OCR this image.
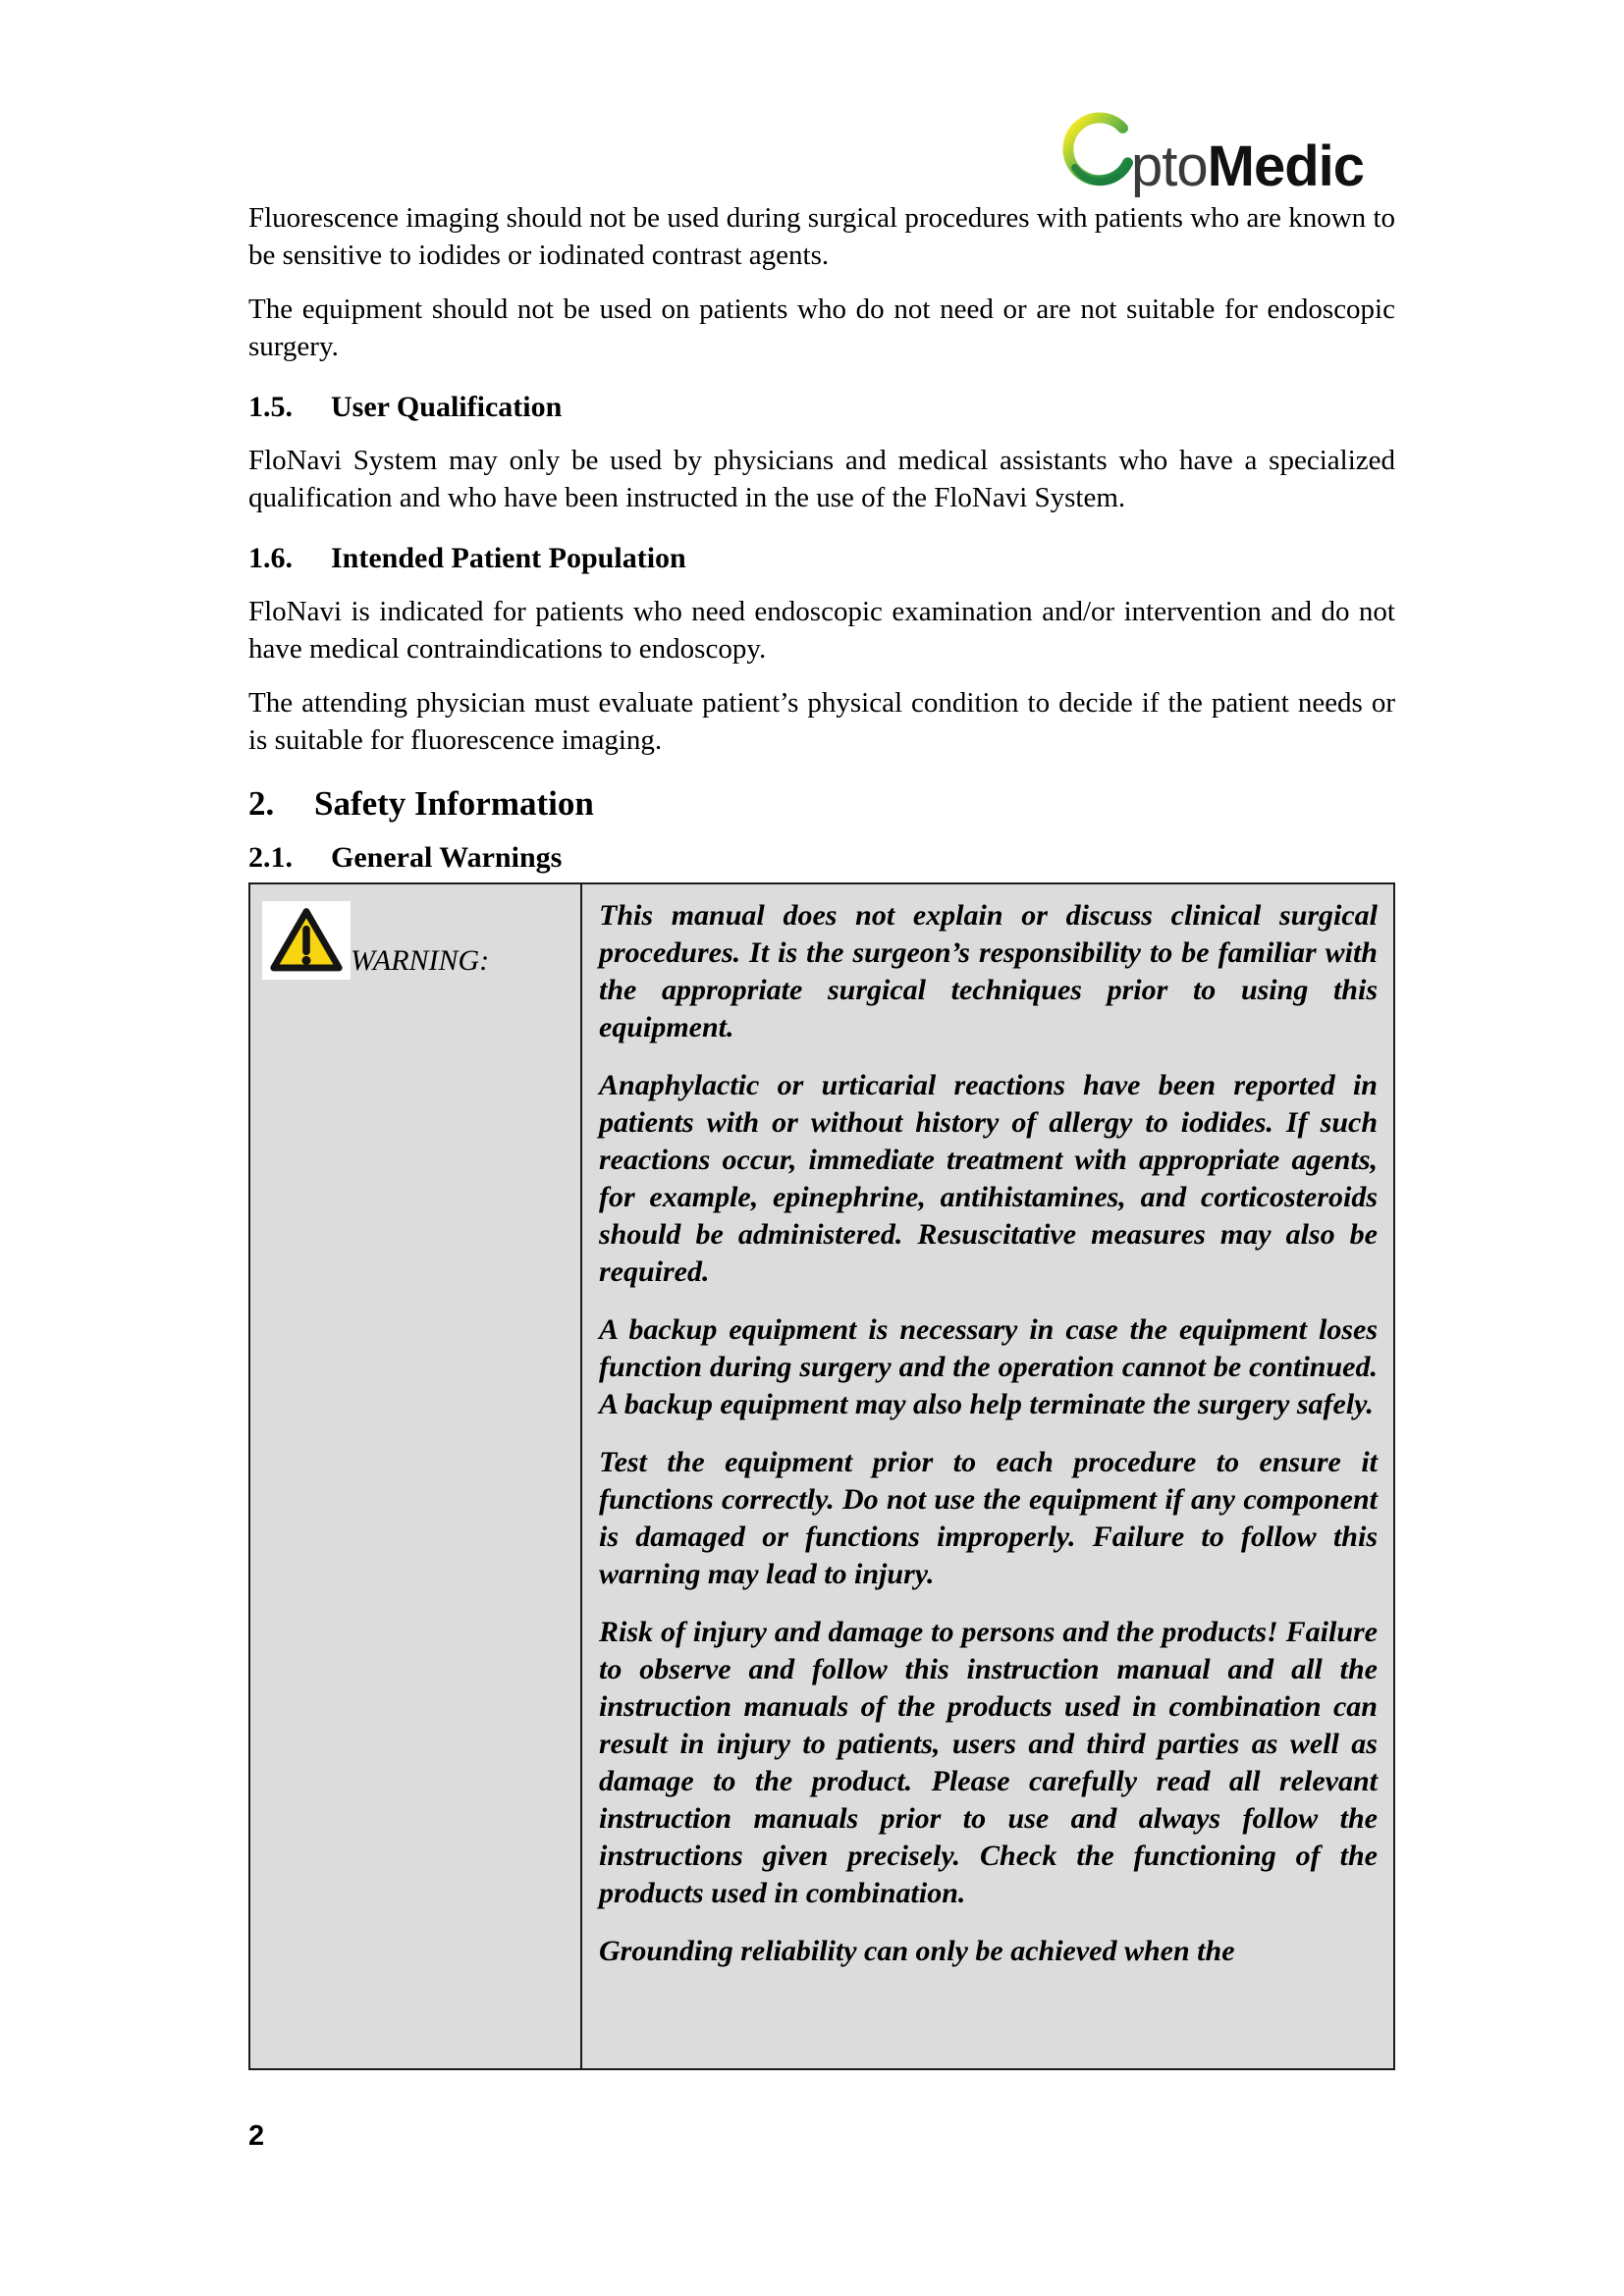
ptoMedic

Fluorescence imaging should not be used during surgical procedures with patients who are known to be sensitive to iodides or iodinated contrast agents.

The equipment should not be used on patients who do not need or are not suitable for endoscopic surgery.

1.5. User Qualification

FloNavi System may only be used by physicians and medical assistants who have a specialized qualification and who have been instructed in the use of the FloNavi System.

1.6. Intended Patient Population

FloNavi is indicated for patients who need endoscopic examination and/or intervention and do not have medical contraindications to endoscopy.

The attending physician must evaluate patient’s physical condition to decide if the patient needs or is suitable for fluorescence imaging.

2. Safety Information
2.1. General Warnings
WARNING:

This manual does not explain or discuss clinical surgical procedures. It is the surgeon’s responsibility to be familiar with the appropriate surgical techniques prior to using this equipment.

Anaphylactic or urticarial reactions have been reported in patients with or without history of allergy to iodides. If such reactions occur, immediate treatment with appropriate agents, for example, epinephrine, antihistamines, and corticosteroids should be administered. Resuscitative measures may also be required.

A backup equipment is necessary in case the equipment loses function during surgery and the operation cannot be continued. A backup equipment may also help terminate the surgery safely.

Test the equipment prior to each procedure to ensure it functions correctly. Do not use the equipment if any component is damaged or functions improperly. Failure to follow this warning may lead to injury.

Risk of injury and damage to persons and the products! Failure to observe and follow this instruction manual and all the instruction manuals of the products used in combination can result in injury to patients, users and third parties as well as damage to the product. Please carefully read all relevant instruction manuals prior to use and always follow the instructions given precisely. Check the functioning of the products used in combination.

Grounding reliability can only be achieved when the

2
